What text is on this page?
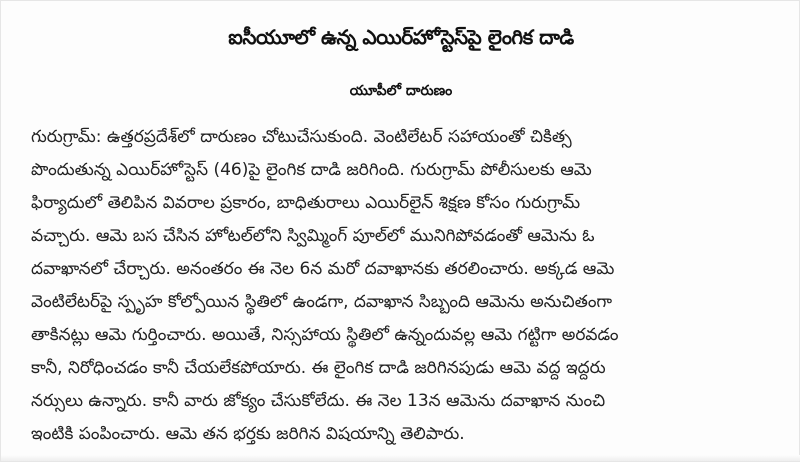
ఐసీయూలో ఉన్న ఎయిర్‌హోస్టెస్‌పై లైంగిక దాడి
యూపీలో దారుణం
గురుగ్రామ్: ఉత్తరప్రదేశ్‌లో దారుణం చోటుచేసుకుంది. వెంటిలేటర్ సహాయంతో చికిత్స
పొందుతున్న ఎయిర్‌హోస్టెస్ (46)పై లైంగిక దాడి జరిగింది. గురుగ్రామ్ పోలీసులకు ఆమె
ఫిర్యాదులో తెలిపిన వివరాల ప్రకారం, బాధితురాలు ఎయిర్‌లైన్ శిక్షణ కోసం గురుగ్రామ్
వచ్చారు. ఆమె బస చేసిన హోటల్‌లోని స్విమ్మింగ్ పూల్‌లో మునిగిపోవడంతో ఆమెను ఓ
దవాఖానలో చేర్చారు. అనంతరం ఈ నెల 6న మరో దవాఖానకు తరలించారు. అక్కడ ఆమె
వెంటిలేటర్‌పై స్పృహ కోల్పోయిన స్థితిలో ఉండగా, దవాఖాన సిబ్బంది ఆమెను అనుచితంగా
తాకినట్లు ఆమె గుర్తించారు. అయితే, నిస్సహాయ స్థితిలో ఉన్నందువల్ల ఆమె గట్టిగా అరవడం
కానీ, నిరోధించడం కానీ చేయలేకపోయారు. ఈ లైంగిక దాడి జరిగినపుడు ఆమె వద్ద ఇద్దరు
నర్సులు ఉన్నారు. కానీ వారు జోక్యం చేసుకోలేదు. ఈ నెల 13న ఆమెను దవాఖాన నుంచి
ఇంటికి పంపించారు. ఆమె తన భర్తకు జరిగిన విషయాన్ని తెలిపారు.
